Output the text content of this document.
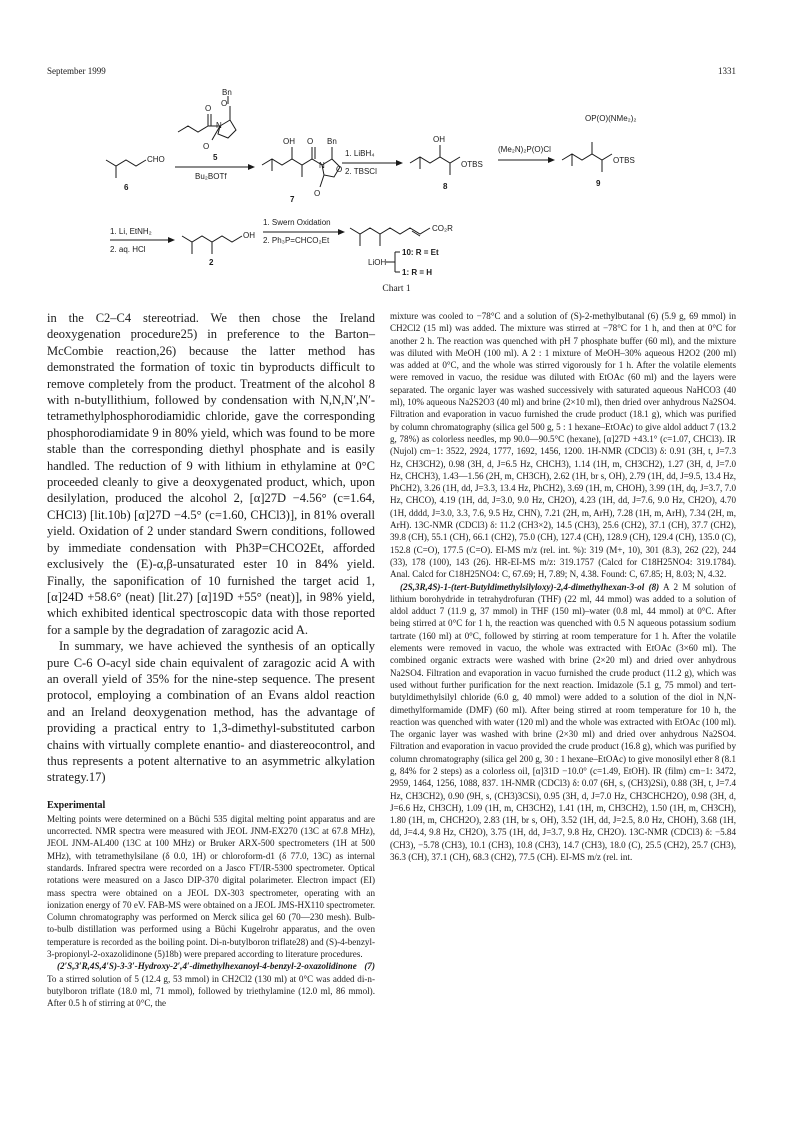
September 1999	1331
O
O
Bn
N
O
5
CHO
6
Bu₂BOTf
OH O Bn
N O
O
7
1. LiBH₄
2. TBSCl
OH
OTBS
8
(Me₂N)₂P(O)Cl
OP(O)(NMe₂)₂
OTBS
9
1. Li, EtNH₂
2. aq. HCl
OH
2
1. Swern Oxidation
2. Ph₃P=CHCO₂Et
CO₂R
LiOH
10: R = Et
1: R = H
Chart 1

in the C2–C4 stereotriad. We then chose the Ireland deoxygenation procedure25) in preference to the Barton–McCombie reaction,26) because the latter method has demonstrated the formation of toxic tin byproducts difficult to remove completely from the product. Treatment of the alcohol 8 with n-butyllithium, followed by condensation with N,N,N′,N′-tetramethylphosphorodiamidic chloride, gave the corresponding phosphorodiamidate 9 in 80% yield, which was found to be more stable than the corresponding diethyl phosphate and is easily handled. The reduction of 9 with lithium in ethylamine at 0°C proceeded cleanly to give a deoxygenated product, which, upon desilylation, produced the alcohol 2, [α]27D −4.56° (c=1.64, CHCl3) [lit.10b) [α]27D −4.5° (c=1.60, CHCl3)], in 81% overall yield. Oxidation of 2 under standard Swern conditions, followed by immediate condensation with Ph3P=CHCO2Et, afforded exclusively the (E)-α,β-unsaturated ester 10 in 84% yield. Finally, the saponification of 10 furnished the target acid 1, [α]24D +58.6° (neat) [lit.27) [α]19D +55° (neat)], in 98% yield, which exhibited identical spectroscopic data with those reported for a sample by the degradation of zaragozic acid A.

In summary, we have achieved the synthesis of an optically pure C-6 O-acyl side chain equivalent of zaragozic acid A with an overall yield of 35% for the nine-step sequence. The present protocol, employing a combination of an Evans aldol reaction and an Ireland deoxygenation method, has the advantage of providing a practical entry to 1,3-dimethyl-substituted carbon chains with virtually complete enantio- and diastereocontrol, and thus represents a potent alternative to an asymmetric alkylation strategy.17)

Experimental

Melting points were determined on a Büchi 535 digital melting point apparatus and are uncorrected. NMR spectra were measured with JEOL JNM-EX270 (13C at 67.8 MHz), JEOL JNM-AL400 (13C at 100 MHz) or Bruker ARX-500 spectrometers (1H at 500 MHz), with tetramethylsilane (δ 0.0, 1H) or chloroform-d1 (δ 77.0, 13C) as internal standards. Infrared spectra were recorded on a Jasco FT/IR-5300 spectrometer. Optical rotations were measured on a Jasco DIP-370 digital polarimeter. Electron impact (EI) mass spectra were obtained on a JEOL DX-303 spectrometer, operating with an ionization energy of 70 eV. FAB-MS were obtained on a JEOL JMS-HX110 spectrometer. Column chromatography was performed on Merck silica gel 60 (70—230 mesh). Bulb-to-bulb distillation was performed using a Büchi Kugelrohr apparatus, and the oven temperature is recorded as the boiling point. Di-n-butylboron triflate28) and (S)-4-benzyl-3-propionyl-2-oxazolidinone (5)18b) were prepared according to literature procedures.

(2′S,3′R,4S,4′S)-3-3′-Hydroxy-2′,4′-dimethylhexanoyl-4-benzyl-2-oxazolidinone (7) To a stirred solution of 5 (12.4 g, 53 mmol) in CH2Cl2 (130 ml) at 0°C was added di-n-butylboron triflate (18.0 ml, 71 mmol), followed by triethylamine (12.0 ml, 86 mmol). After 0.5 h of stirring at 0°C, the

mixture was cooled to −78°C and a solution of (S)-2-methylbutanal (6) (5.9 g, 69 mmol) in CH2Cl2 (15 ml) was added. The mixture was stirred at −78°C for 1 h, and then at 0°C for another 2 h. The reaction was quenched with pH 7 phosphate buffer (60 ml), and the mixture was diluted with MeOH (100 ml). A 2 : 1 mixture of MeOH–30% aqueous H2O2 (200 ml) was added at 0°C, and the whole was stirred vigorously for 1 h. After the volatile elements were removed in vacuo, the residue was diluted with EtOAc (60 ml) and the layers were separated. The organic layer was washed successively with saturated aqueous NaHCO3 (40 ml), 10% aqueous Na2S2O3 (40 ml) and brine (2×10 ml), then dried over anhydrous Na2SO4. Filtration and evaporation in vacuo furnished the crude product (18.1 g), which was purified by column chromatography (silica gel 500 g, 5 : 1 hexane–EtOAc) to give aldol adduct 7 (13.2 g, 78%) as colorless needles, mp 90.0—90.5°C (hexane), [α]27D +43.1° (c=1.07, CHCl3). IR (Nujol) cm−1: 3522, 2924, 1777, 1692, 1456, 1200. 1H-NMR (CDCl3) δ: 0.91 (3H, t, J=7.3 Hz, CH3CH2), 0.98 (3H, d, J=6.5 Hz, CHCH3), 1.14 (1H, m, CH3CH2), 1.27 (3H, d, J=7.0 Hz, CHCH3), 1.43—1.56 (2H, m, CH3CH), 2.62 (1H, br s, OH), 2.79 (1H, dd, J=9.5, 13.4 Hz, PhCH2), 3.26 (1H, dd, J=3.3, 13.4 Hz, PhCH2), 3.69 (1H, m, CHOH), 3.99 (1H, dq, J=3.7, 7.0 Hz, CHCO), 4.19 (1H, dd, J=3.0, 9.0 Hz, CH2O), 4.23 (1H, dd, J=7.6, 9.0 Hz, CH2O), 4.70 (1H, dddd, J=3.0, 3.3, 7.6, 9.5 Hz, CHN), 7.21 (2H, m, ArH), 7.28 (1H, m, ArH), 7.34 (2H, m, ArH). 13C-NMR (CDCl3) δ: 11.2 (CH3×2), 14.5 (CH3), 25.6 (CH2), 37.1 (CH), 37.7 (CH2), 39.8 (CH), 55.1 (CH), 66.1 (CH2), 75.0 (CH), 127.4 (CH), 128.9 (CH), 129.4 (CH), 135.0 (C), 152.8 (C=O), 177.5 (C=O). EI-MS m/z (rel. int. %): 319 (M+, 10), 301 (8.3), 262 (22), 244 (33), 178 (100), 143 (26). HR-EI-MS m/z: 319.1757 (Calcd for C18H25NO4: 319.1784). Anal. Calcd for C18H25NO4: C, 67.69; H, 7.89; N, 4.38. Found: C, 67.85; H, 8.03; N, 4.32.

(2S,3R,4S)-1-(tert-Butyldimethylsilyloxy)-2,4-dimethylhexan-3-ol (8) A 2 M solution of lithium borohydride in tetrahydrofuran (THF) (22 ml, 44 mmol) was added to a solution of aldol adduct 7 (11.9 g, 37 mmol) in THF (150 ml)–water (0.8 ml, 44 mmol) at 0°C. After being stirred at 0°C for 1 h, the reaction was quenched with 0.5 N aqueous potassium sodium tartrate (160 ml) at 0°C, followed by stirring at room temperature for 1 h. After the volatile elements were removed in vacuo, the whole was extracted with EtOAc (3×60 ml). The combined organic extracts were washed with brine (2×20 ml) and dried over anhydrous Na2SO4. Filtration and evaporation in vacuo furnished the crude product (11.2 g), which was used without further purification for the next reaction. Imidazole (5.1 g, 75 mmol) and tert-butyldimethylsilyl chloride (6.0 g, 40 mmol) were added to a solution of the diol in N,N-dimethylformamide (DMF) (60 ml). After being stirred at room temperature for 10 h, the reaction was quenched with water (120 ml) and the whole was extracted with EtOAc (100 ml). The organic layer was washed with brine (2×30 ml) and dried over anhydrous Na2SO4. Filtration and evaporation in vacuo provided the crude product (16.8 g), which was purified by column chromatography (silica gel 200 g, 30 : 1 hexane–EtOAc) to give monosilyl ether 8 (8.1 g, 84% for 2 steps) as a colorless oil, [α]31D −10.0° (c=1.49, EtOH). IR (film) cm−1: 3472, 2959, 1464, 1256, 1088, 837. 1H-NMR (CDCl3) δ: 0.07 (6H, s, (CH3)2Si), 0.88 (3H, t, J=7.4 Hz, CH3CH2), 0.90 (9H, s, (CH3)3CSi), 0.95 (3H, d, J=7.0 Hz, CH3CHCH2O), 0.98 (3H, d, J=6.6 Hz, CH3CH), 1.09 (1H, m, CH3CH2), 1.41 (1H, m, CH3CH2), 1.50 (1H, m, CH3CH), 1.80 (1H, m, CHCH2O), 2.83 (1H, br s, OH), 3.52 (1H, dd, J=2.5, 8.0 Hz, CHOH), 3.68 (1H, dd, J=4.4, 9.8 Hz, CH2O), 3.75 (1H, dd, J=3.7, 9.8 Hz, CH2O). 13C-NMR (CDCl3) δ: −5.84 (CH3), −5.78 (CH3), 10.1 (CH3), 10.8 (CH3), 14.7 (CH3), 18.0 (C), 25.5 (CH2), 25.7 (CH3), 36.3 (CH), 37.1 (CH), 68.3 (CH2), 77.5 (CH). EI-MS m/z (rel. int.
